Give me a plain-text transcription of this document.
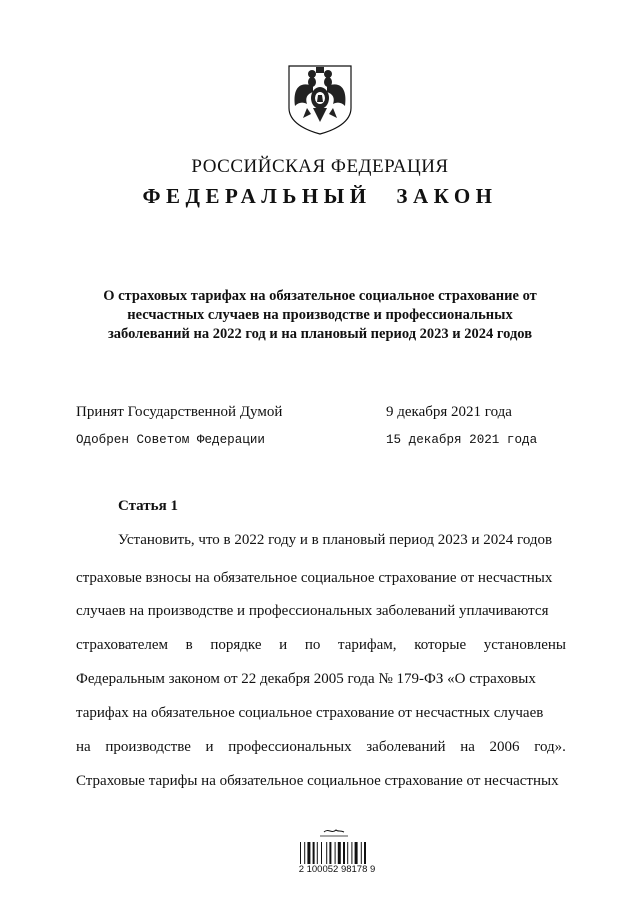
РОССИЙСКАЯ ФЕДЕРАЦИЯ
ФЕДЕРАЛЬНЫЙ ЗАКОН
О страховых тарифах на обязательное социальное страхование от
несчастных случаев на производстве и профессиональных
заболеваний на 2022 год и на плановый период 2023 и 2024 годов
Принят Государственной Думой	9 декабря 2021 года
Одобрен Советом Федерации	15 декабря 2021 года
Статья 1
Установить, что в 2022 году и в плановый период 2023 и 2024 годов
страховые взносы на обязательное социальное страхование от несчастных
случаев на производстве и профессиональных заболеваний уплачиваются
страхователем в порядке и по тарифам, которые установлены
Федеральным законом от 22 декабря 2005 года № 179-ФЗ «О страховых
тарифах на обязательное социальное страхование от несчастных случаев
на производстве и профессиональных заболеваний на 2006 год».
Страховые тарифы на обязательное социальное страхование от несчастных
2 100052 98178 9
